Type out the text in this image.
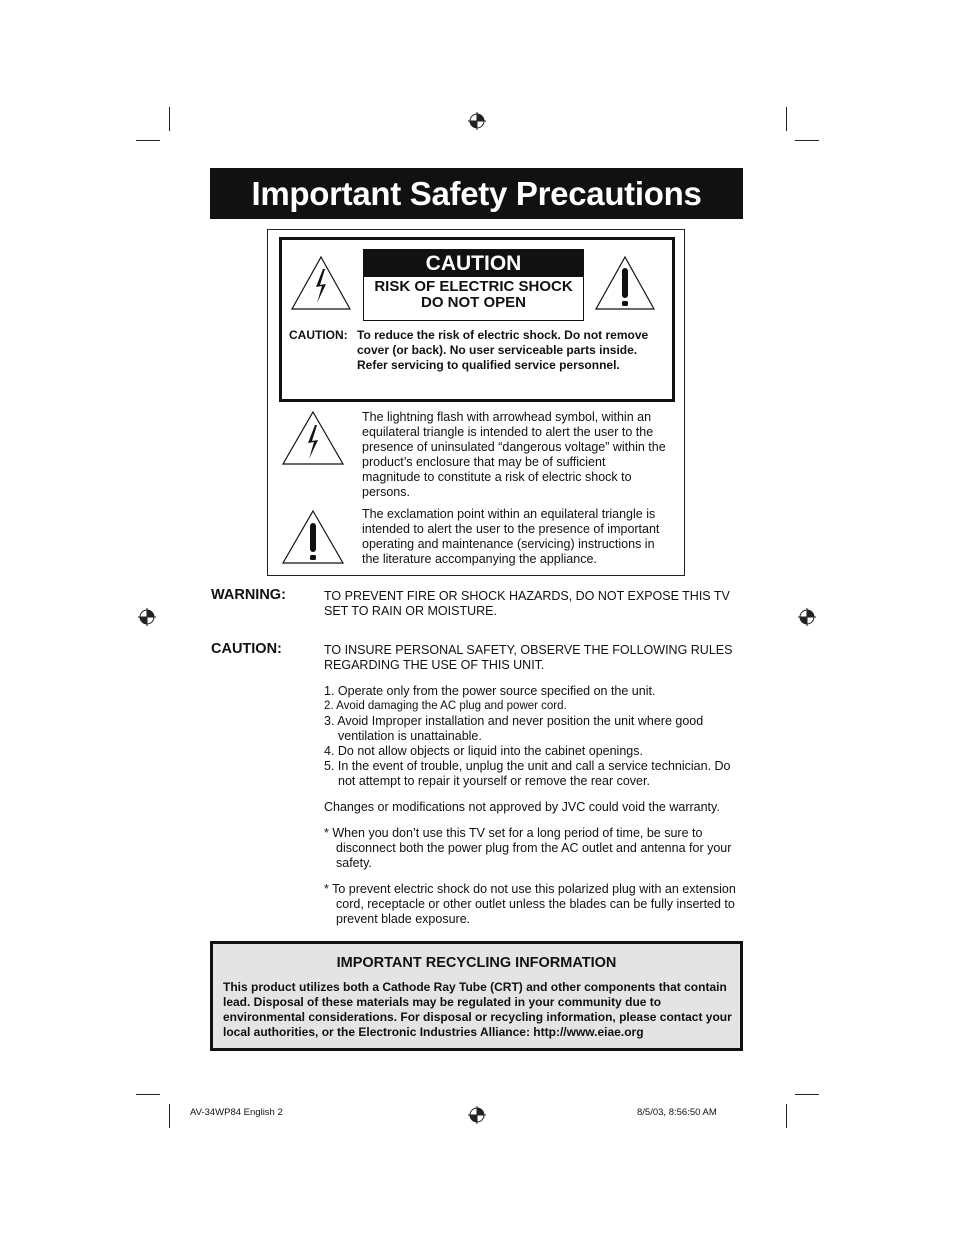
Important Safety Precautions
CAUTION
RISK OF ELECTRIC SHOCK
DO NOT OPEN
CAUTION: To reduce the risk of electric shock. Do not remove cover (or back). No user serviceable parts inside. Refer servicing to qualified service personnel.
The lightning flash with arrowhead symbol, within an equilateral triangle is intended to alert the user to the presence of uninsulated “dangerous voltage” within the product’s enclosure that may be of sufficient magnitude to constitute a risk of electric shock to persons.
The exclamation point within an equilateral triangle is intended to alert the user to the presence of important operating and maintenance (servicing) instructions in the literature accompanying the appliance.
WARNING:	TO PREVENT FIRE OR SHOCK HAZARDS, DO NOT EXPOSE THIS TV SET TO RAIN OR MOISTURE.
CAUTION:	TO INSURE PERSONAL SAFETY, OBSERVE THE FOLLOWING RULES REGARDING THE USE OF THIS UNIT.
1. Operate only from the power source specified on the unit.
2. Avoid damaging the AC plug and power cord.
3. Avoid Improper installation and never position the unit where good ventilation is unattainable.
4. Do not allow objects or liquid into the cabinet openings.
5. In the event of trouble, unplug the unit and call a service technician. Do not attempt to repair it yourself or remove the rear cover.
Changes or modifications not approved by JVC could void the warranty.
* When you don’t use this TV set for a long period of time, be sure to disconnect both the power plug from the AC outlet and antenna for your safety.
* To prevent electric shock do not use this polarized plug with an extension cord, receptacle or other outlet unless the blades can be fully inserted to prevent blade exposure.
IMPORTANT RECYCLING INFORMATION
This product utilizes both a Cathode Ray Tube (CRT) and other components that contain lead. Disposal of these materials may be regulated in your community due to environmental considerations. For disposal or recycling information, please contact your local authorities, or the Electronic Industries Alliance: http://www.eiae.org
AV-34WP84 English 2	8/5/03, 8:56:50 AM
